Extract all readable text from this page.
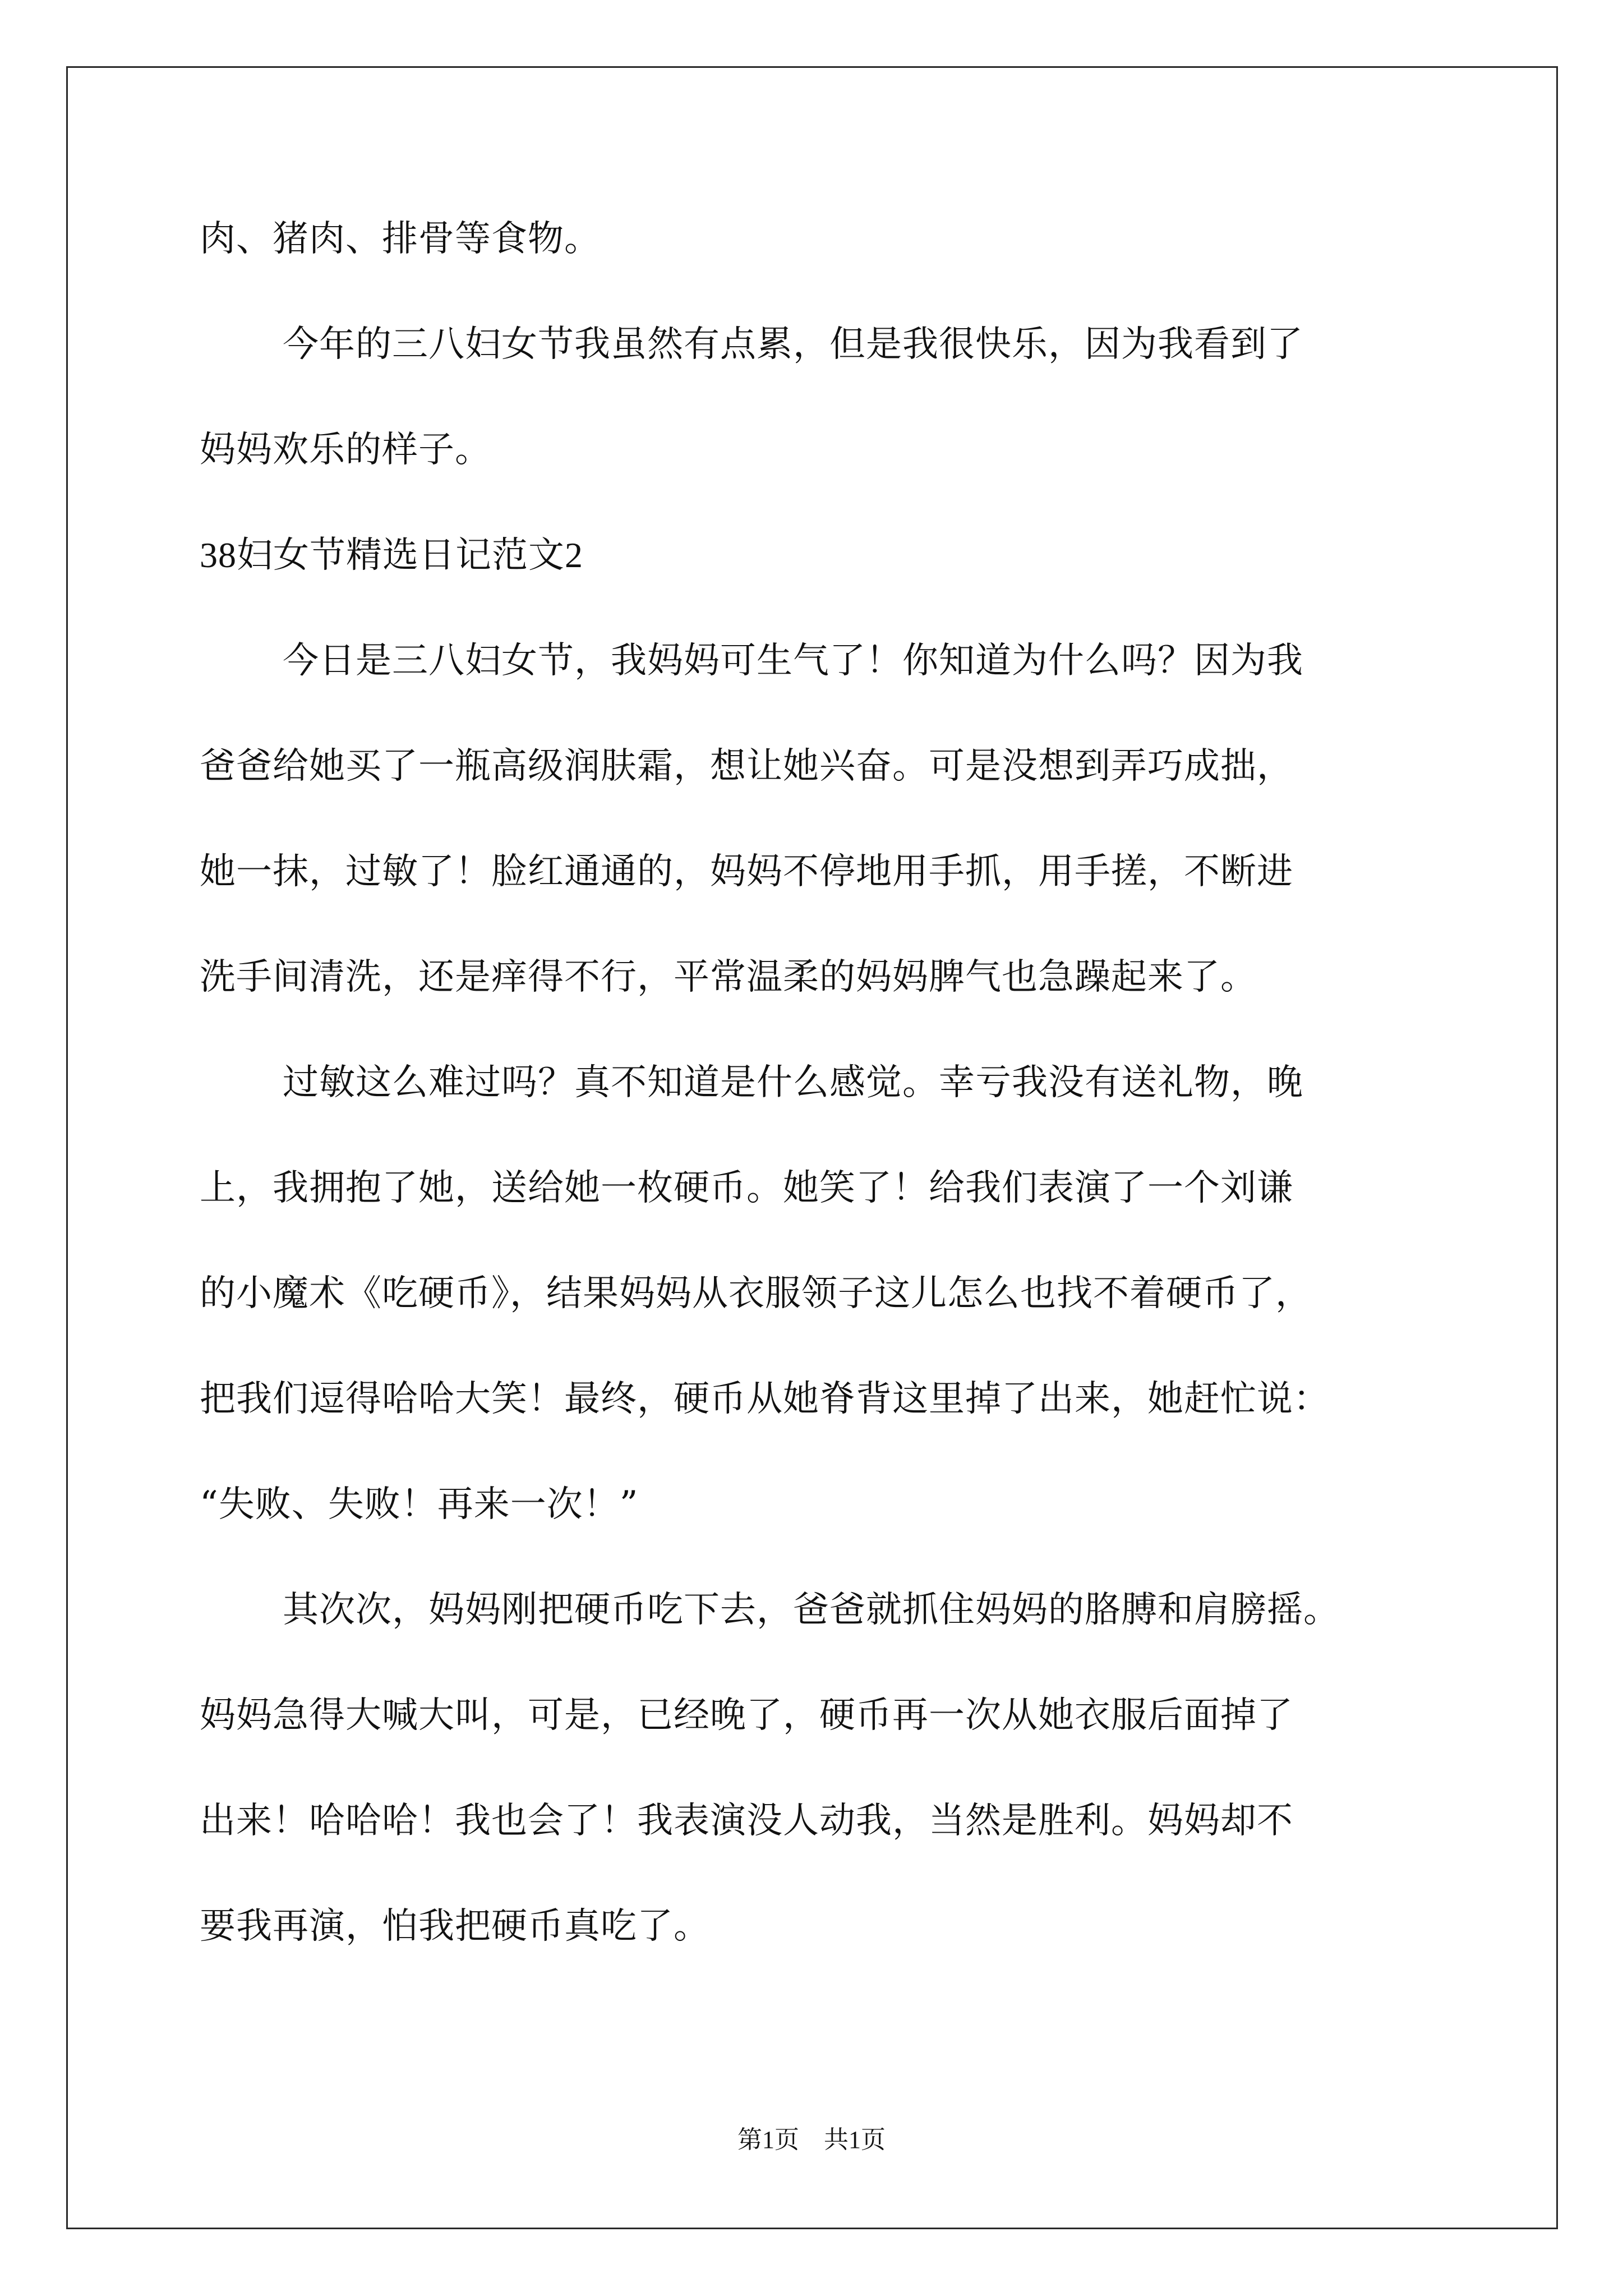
肉、猪肉、排骨等食物。
今年的三八妇女节我虽然有点累，但是我很快乐，因为我看到了
妈妈欢乐的样子。
38妇女节精选日记范文2
今日是三八妇女节，我妈妈可生气了！你知道为什么吗？因为我
爸爸给她买了一瓶高级润肤霜，想让她兴奋。可是没想到弄巧成拙，
她一抹，过敏了！脸红通通的，妈妈不停地用手抓，用手搓，不断进
洗手间清洗，还是痒得不行，平常温柔的妈妈脾气也急躁起来了。
过敏这么难过吗？真不知道是什么感觉。幸亏我没有送礼物，晚
上，我拥抱了她，送给她一枚硬币。她笑了！给我们表演了一个刘谦
的小魔术《吃硬币》，结果妈妈从衣服领子这儿怎么也找不着硬币了，
把我们逗得哈哈大笑！最终，硬币从她脊背这里掉了出来，她赶忙说：
“失败、失败！再来一次！”
其次次，妈妈刚把硬币吃下去，爸爸就抓住妈妈的胳膊和肩膀摇。
妈妈急得大喊大叫，可是，已经晚了，硬币再一次从她衣服后面掉了
出来！哈哈哈！我也会了！我表演没人动我，当然是胜利。妈妈却不
要我再演，怕我把硬币真吃了。
第1页　共1页
